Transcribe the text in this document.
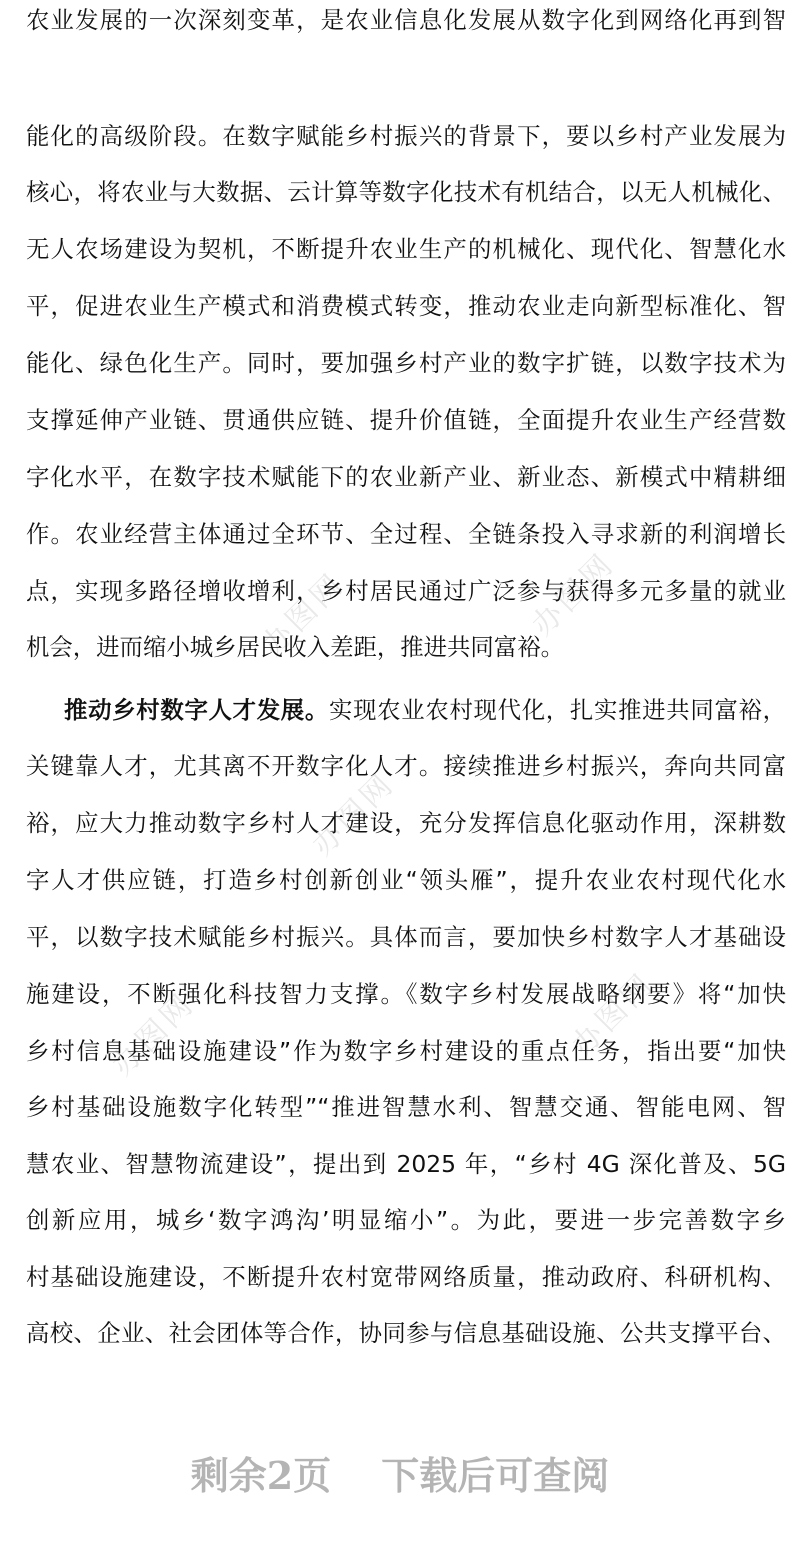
办图网	办图网
办图网
办图网	办图网
农业发展的一次深刻变革，是农业信息化发展从数字化到网络化再到智
能化的高级阶段。在数字赋能乡村振兴的背景下，要以乡村产业发展为
核心，将农业与大数据、云计算等数字化技术有机结合，以无人机械化、
无人农场建设为契机，不断提升农业生产的机械化、现代化、智慧化水
平，促进农业生产模式和消费模式转变，推动农业走向新型标准化、智
能化、绿色化生产。同时，要加强乡村产业的数字扩链，以数字技术为
支撑延伸产业链、贯通供应链、提升价值链，全面提升农业生产经营数
字化水平，在数字技术赋能下的农业新产业、新业态、新模式中精耕细
作。农业经营主体通过全环节、全过程、全链条投入寻求新的利润增长
点，实现多路径增收增利，乡村居民通过广泛参与获得多元多量的就业
机会，进而缩小城乡居民收入差距，推进共同富裕。
推动乡村数字人才发展。实现农业农村现代化，扎实推进共同富裕，
关键靠人才，尤其离不开数字化人才。接续推进乡村振兴，奔向共同富
裕，应大力推动数字乡村人才建设，充分发挥信息化驱动作用，深耕数
字人才供应链，打造乡村创新创业“领头雁”，提升农业农村现代化水
平，以数字技术赋能乡村振兴。具体而言，要加快乡村数字人才基础设
施建设，不断强化科技智力支撑。《数字乡村发展战略纲要》将“加快
乡村信息基础设施建设”作为数字乡村建设的重点任务，指出要“加快
乡村基础设施数字化转型”“推进智慧水利、智慧交通、智能电网、智
慧农业、智慧物流建设”，提出到 2025 年，“乡村 4G 深化普及、5G
创新应用，城乡‘数字鸿沟’明显缩小”。为此，要进一步完善数字乡
村基础设施建设，不断提升农村宽带网络质量，推动政府、科研机构、
高校、企业、社会团体等合作，协同参与信息基础设施、公共支撑平台、
剩余2页 下载后可查阅
